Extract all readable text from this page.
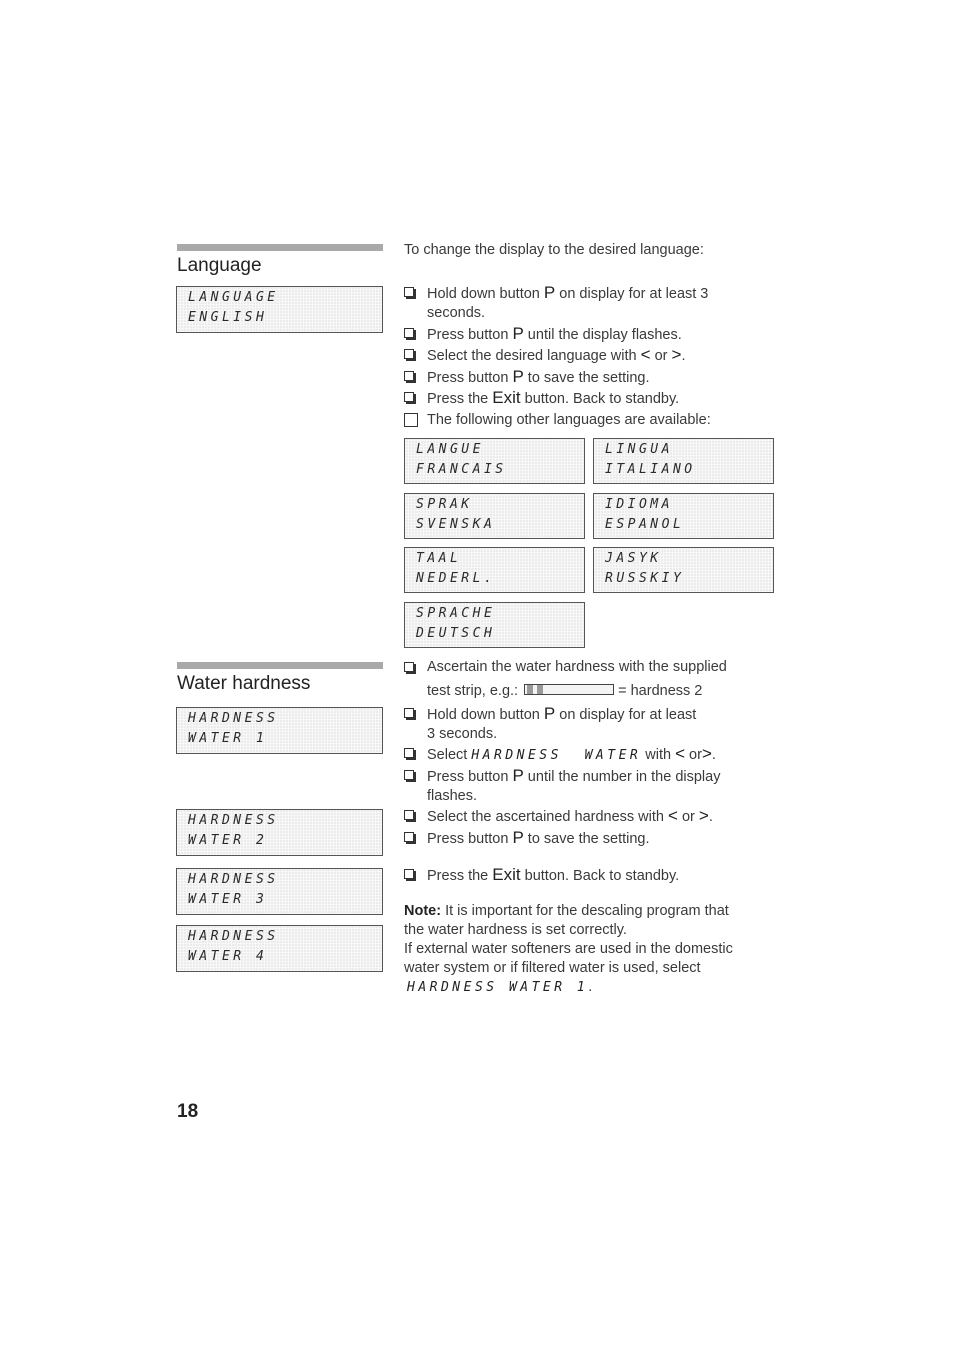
Language
LANGUAGE
ENGLISH
To change the display to the desired language:
Hold down button P on display for at least 3
seconds.
Press button P until the display flashes.
Select the desired language with < or >.
Press button P to save the setting.
Press the Exit button. Back to standby.
The following other languages are available:
LANGUE
FRANCAIS
LINGUA
ITALIANO
SPRAK
SVENSKA
IDIOMA
ESPANOL
TAAL
NEDERL.
JASYK
RUSSKIY
SPRACHE
DEUTSCH
Water hardness
HARDNESS
WATER 1
HARDNESS
WATER 2
HARDNESS
WATER 3
HARDNESS
WATER 4
Ascertain the water hardness with the supplied
test strip, e.g.:	= hardness 2
Hold down button P on display for at least
3 seconds.
Select HARDNESS  WATER with < or>.
Press button P until the number in the display
flashes.
Select the ascertained hardness with < or >.
Press button P to save the setting.
Press the Exit button. Back to standby.
Note: It is important for the descaling program that
the water hardness is set correctly.
If external water softeners are used in the domestic
water system or if filtered water is used, select
HARDNESS WATER 1.
18
